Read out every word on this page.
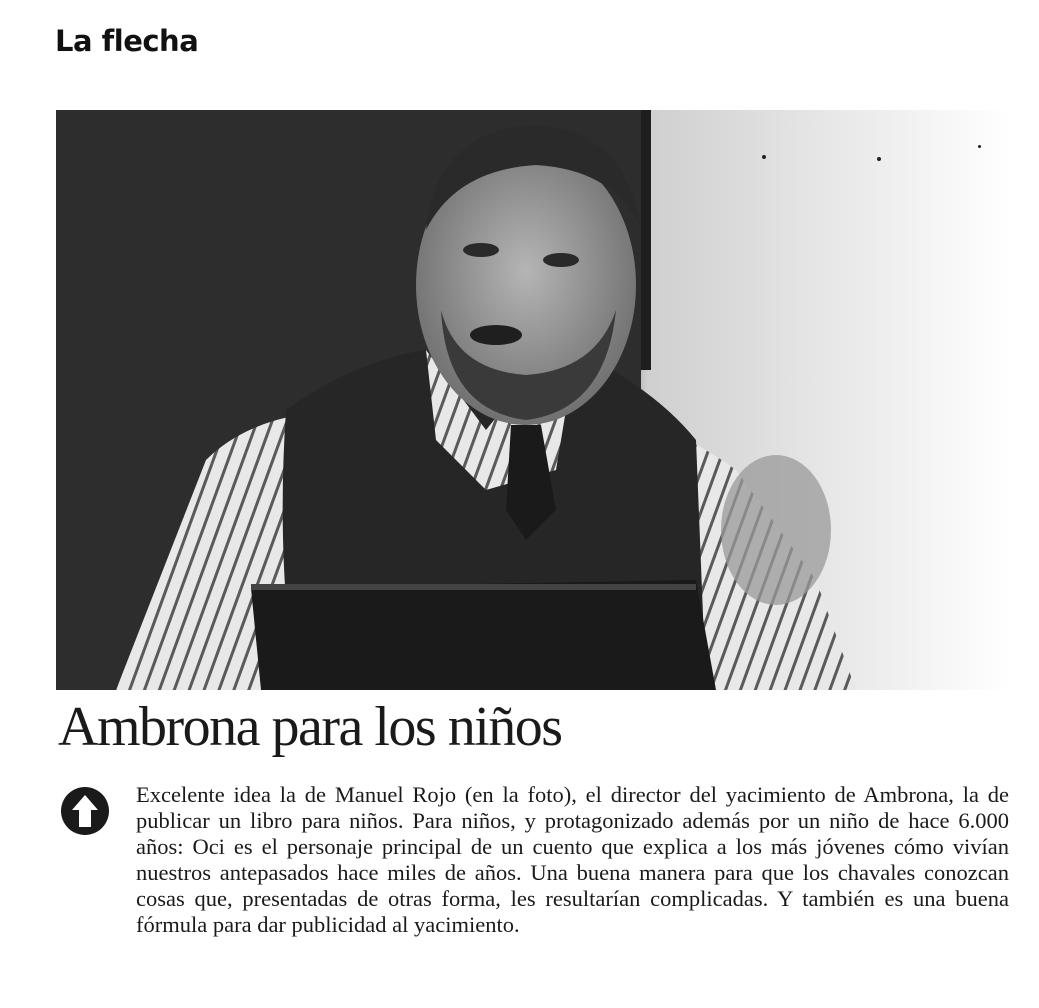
La flecha
Ambrona para los niños

Excelente idea la de Manuel Rojo (en la foto), el director del yacimiento de Ambrona, la de publicar un libro para niños. Para niños, y protagonizado además por un niño de hace 6.000 años: Oci es el personaje principal de un cuento que explica a los más jóvenes cómo vivían nuestros antepasados hace miles de años. Una buena manera para que los chavales conozcan cosas que, presentadas de otras forma, les resultarían complicadas. Y también es una buena fórmula para dar publicidad al yacimiento.
